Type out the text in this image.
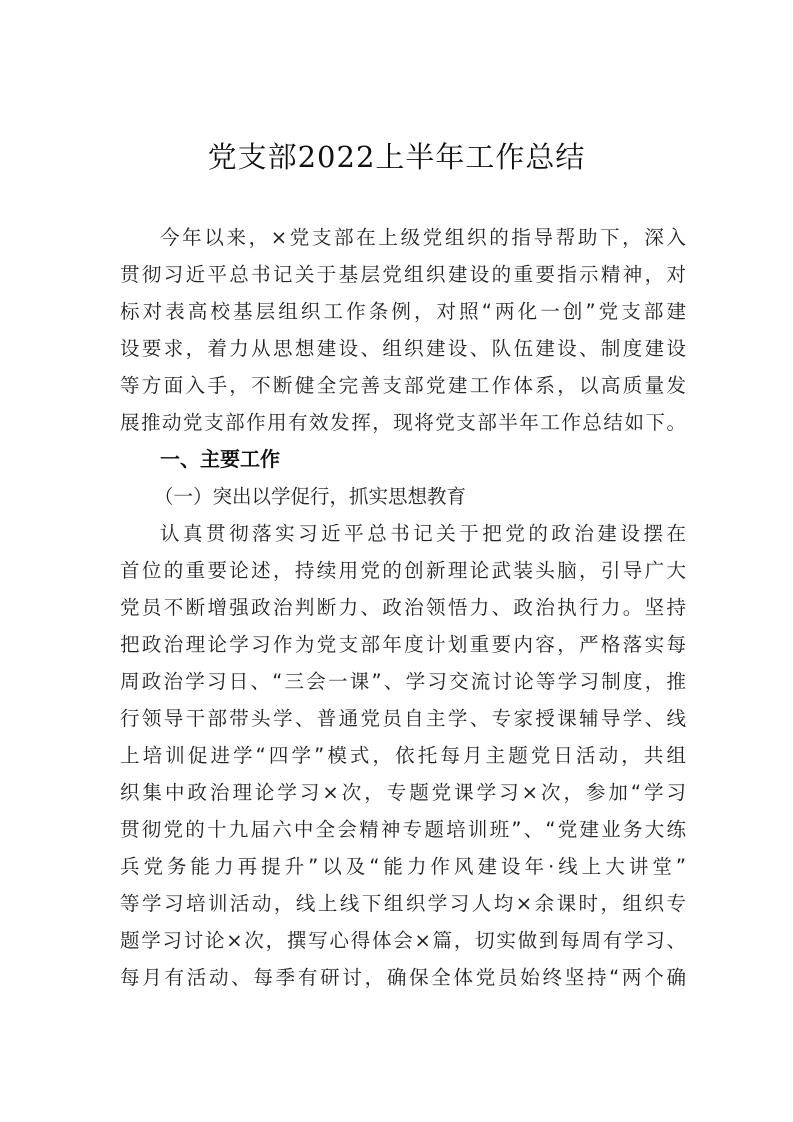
党支部2022上半年工作总结
今年以来，×党支部在上级党组织的指导帮助下，深入
贯彻习近平总书记关于基层党组织建设的重要指示精神，对
标对表高校基层组织工作条例，对照“两化一创”党支部建
设要求，着力从思想建设、组织建设、队伍建设、制度建设
等方面入手，不断健全完善支部党建工作体系，以高质量发
展推动党支部作用有效发挥，现将党支部半年工作总结如下。
一、主要工作
（一）突出以学促行，抓实思想教育
认真贯彻落实习近平总书记关于把党的政治建设摆在
首位的重要论述，持续用党的创新理论武装头脑，引导广大
党员不断增强政治判断力、政治领悟力、政治执行力。坚持
把政治理论学习作为党支部年度计划重要内容，严格落实每
周政治学习日、“三会一课”、学习交流讨论等学习制度，推
行领导干部带头学、普通党员自主学、专家授课辅导学、线
上培训促进学“四学”模式，依托每月主题党日活动，共组
织集中政治理论学习×次，专题党课学习×次，参加“学习
贯彻党的十九届六中全会精神专题培训班”、“党建业务大练
兵党务能力再提升”以及“能力作风建设年·线上大讲堂”
等学习培训活动，线上线下组织学习人均×余课时，组织专
题学习讨论×次，撰写心得体会×篇，切实做到每周有学习、
每月有活动、每季有研讨，确保全体党员始终坚持“两个确
